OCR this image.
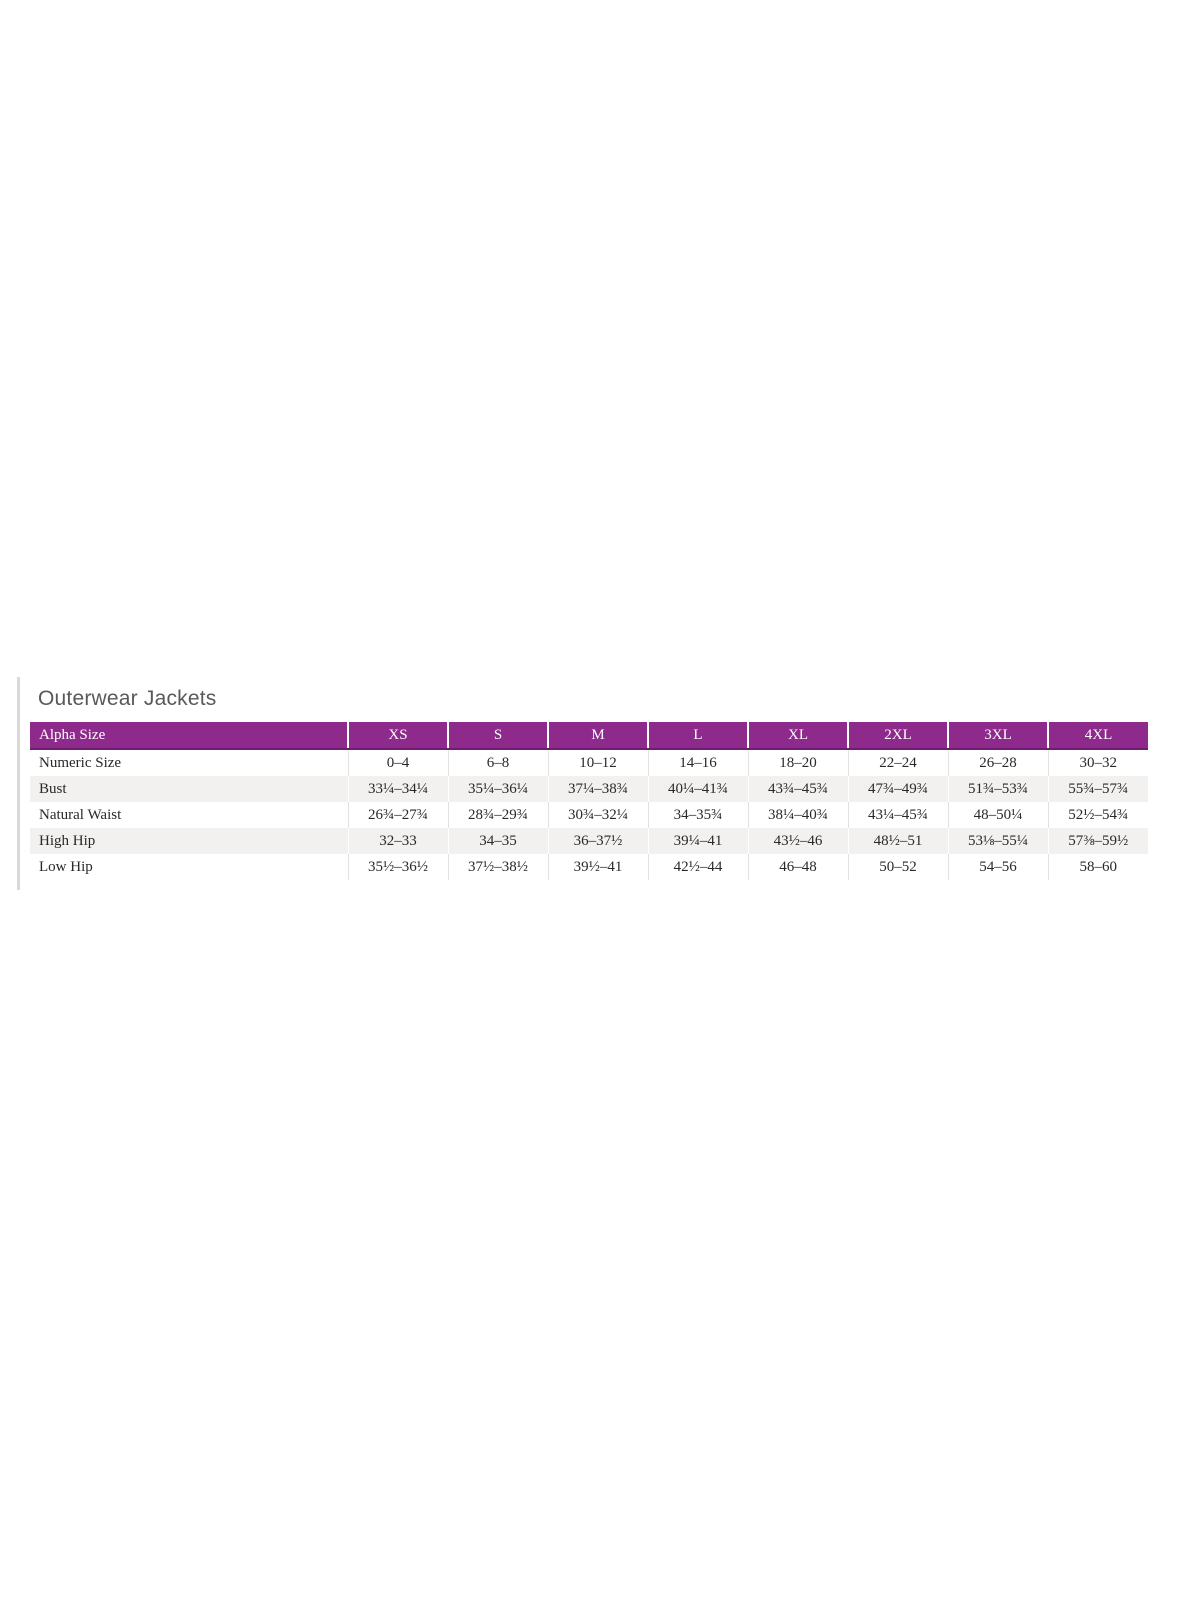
Outerwear Jackets
Alpha Size	XS	S	M	L	XL	2XL	3XL	4XL
Numeric Size	0–4	6–8	10–12	14–16	18–20	22–24	26–28	30–32
Bust	33¼–34¼	35¼–36¼	37¼–38¾	40¼–41¾	43¾–45¾	47¾–49¾	51¾–53¾	55¾–57¾
Natural Waist	26¾–27¾	28¾–29¾	30¾–32¼	34–35¾	38¼–40¾	43¼–45¾	48–50¼	52½–54¾
High Hip	32–33	34–35	36–37½	39¼–41	43½–46	48½–51	53⅛–55¼	57⅜–59½
Low Hip	35½–36½	37½–38½	39½–41	42½–44	46–48	50–52	54–56	58–60
